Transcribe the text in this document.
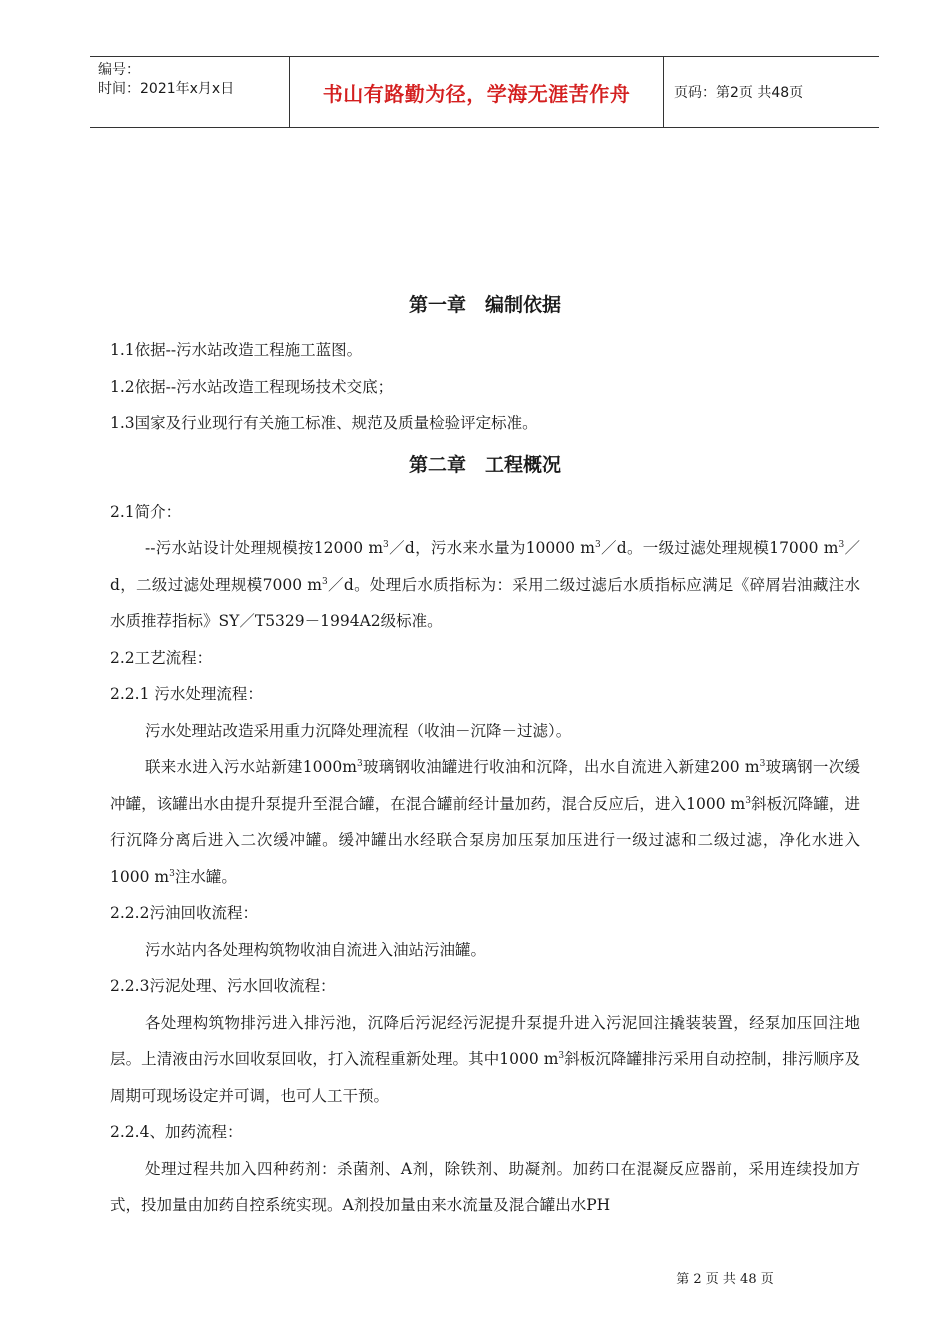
编号：
时间：2021年x月x日	书山有路勤为径，学海无涯苦作舟	页码：第2页 共48页
第一章　编制依据

1.1依据--污水站改造工程施工蓝图。

1.2依据--污水站改造工程现场技术交底；

1.3国家及行业现行有关施工标准、规范及质量检验评定标准。

第二章　工程概况

2.1简介：

--污水站设计处理规模按12000 $m^3/d$，污水来水量为10000 $m^3/d$。一级过滤处理规模17000 $m^3/d$，二级过滤处理规模7000 $m^3/d$。处理后水质指标为：采用二级过滤后水质指标应满足《碎屑岩油藏注水水质推荐指标》SY／T5329－1994A2级标准。

2.2工艺流程：

2.2.1 污水处理流程：

污水处理站改造采用重力沉降处理流程（收油－沉降－过滤）。

联来水进入污水站新建$1000m^3$玻璃钢收油罐进行收油和沉降，出水自流进入新建200 $m^3$玻璃钢一次缓冲罐，该罐出水由提升泵提升至混合罐，在混合罐前经计量加药，混合反应后，进入1000 $m^3$斜板沉降罐，进行沉降分离后进入二次缓冲罐。缓冲罐出水经联合泵房加压泵加压进行一级过滤和二级过滤，净化水进入1000 $m^3$注水罐。

2.2.2污油回收流程：

污水站内各处理构筑物收油自流进入油站污油罐。

2.2.3污泥处理、污水回收流程：

各处理构筑物排污进入排污池，沉降后污泥经污泥提升泵提升进入污泥回注撬装装置，经泵加压回注地层。上清液由污水回收泵回收，打入流程重新处理。其中1000 $m^3$斜板沉降罐排污采用自动控制，排污顺序及周期可现场设定并可调，也可人工干预。

2.2.4、加药流程：

处理过程共加入四种药剂：杀菌剂、A剂，除铁剂、助凝剂。加药口在混凝反应器前，采用连续投加方式，投加量由加药自控系统实现。A剂投加量由来水流量及混合罐出水PH

第 2 页 共 48 页
